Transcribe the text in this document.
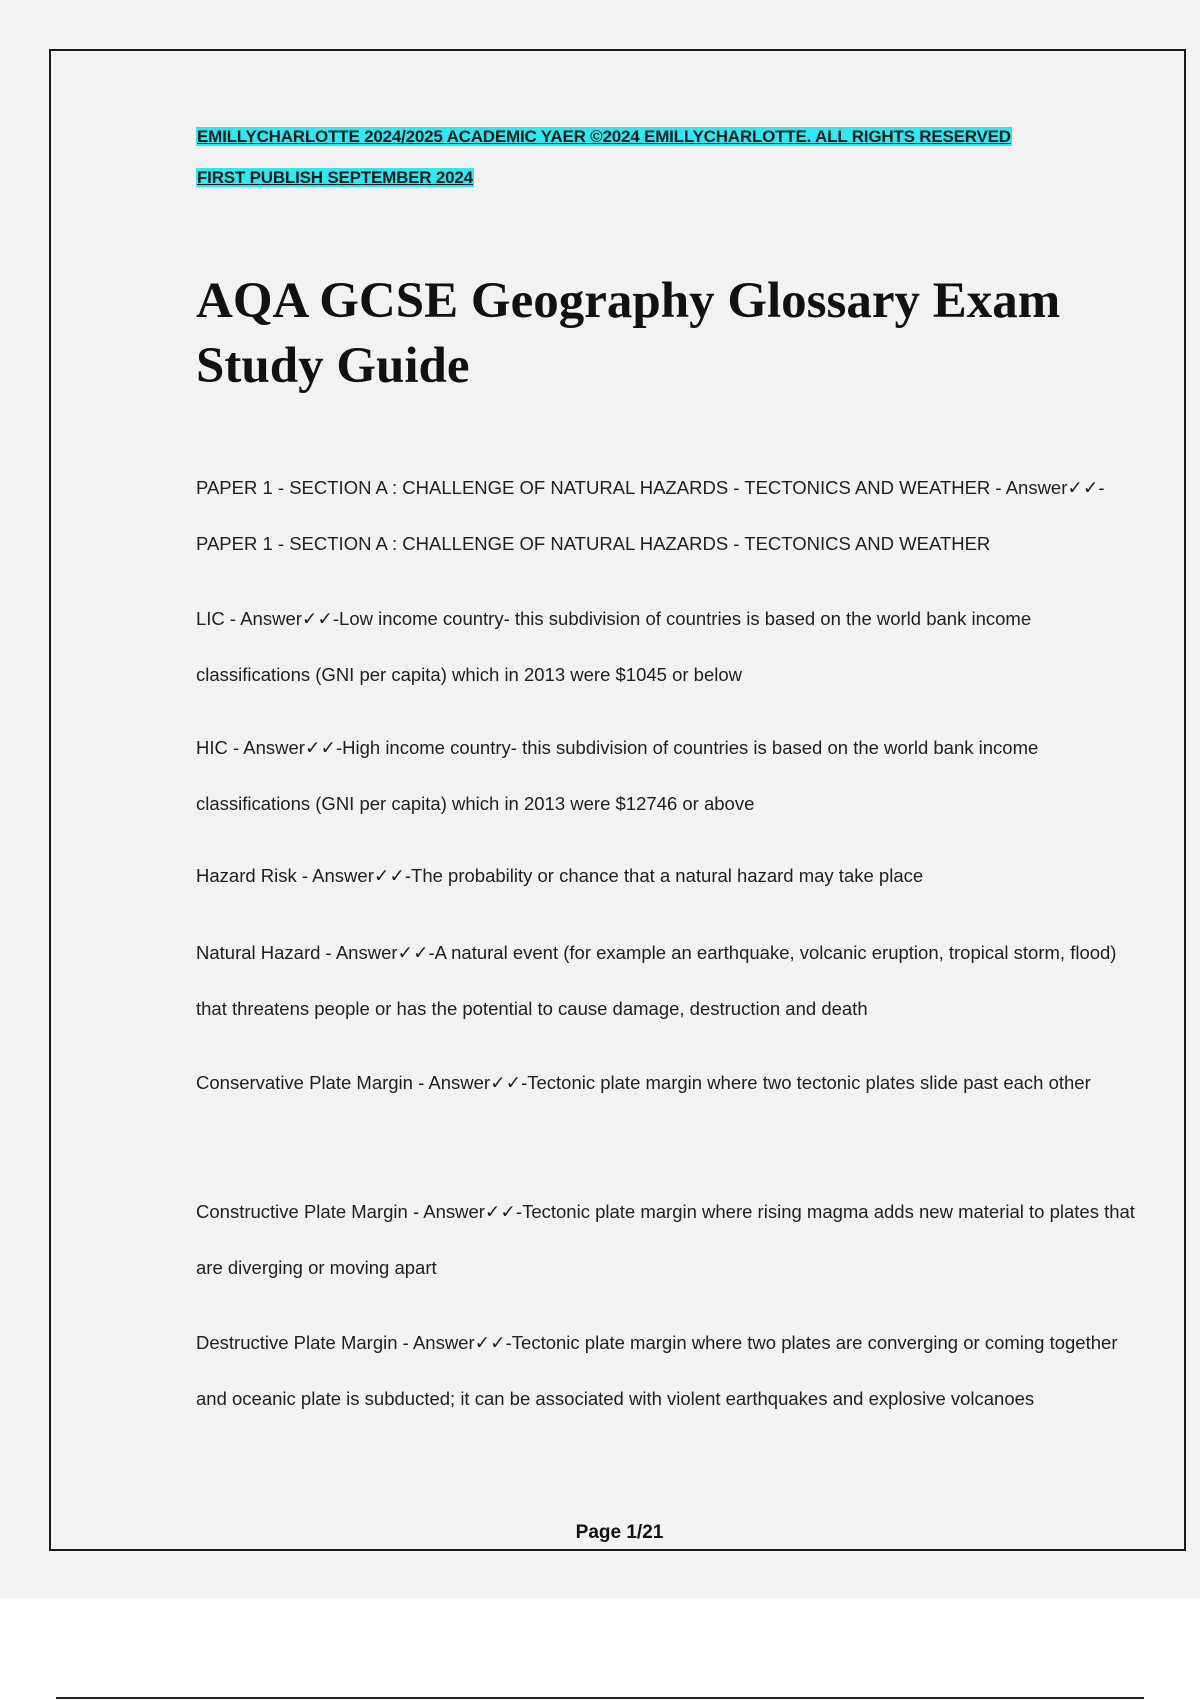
EMILLYCHARLOTTE 2024/2025 ACADEMIC YAER ©2024 EMILLYCHARLOTTE. ALL RIGHTS RESERVED
FIRST PUBLISH SEPTEMBER 2024
AQA GCSE Geography Glossary Exam Study Guide

PAPER 1 - SECTION A : CHALLENGE OF NATURAL HAZARDS - TECTONICS AND WEATHER - Answer✓✓-PAPER 1 - SECTION A : CHALLENGE OF NATURAL HAZARDS - TECTONICS AND WEATHER

LIC - Answer✓✓-Low income country- this subdivision of countries is based on the world bank income classifications (GNI per capita) which in 2013 were $1045 or below

HIC - Answer✓✓-High income country- this subdivision of countries is based on the world bank income classifications (GNI per capita) which in 2013 were $12746 or above

Hazard Risk - Answer✓✓-The probability or chance that a natural hazard may take place

Natural Hazard - Answer✓✓-A natural event (for example an earthquake, volcanic eruption, tropical storm, flood) that threatens people or has the potential to cause damage, destruction and death

Conservative Plate Margin - Answer✓✓-Tectonic plate margin where two tectonic plates slide past each other

Constructive Plate Margin - Answer✓✓-Tectonic plate margin where rising magma adds new material to plates that are diverging or moving apart

Destructive Plate Margin - Answer✓✓-Tectonic plate margin where two plates are converging or coming together and oceanic plate is subducted; it can be associated with violent earthquakes and explosive volcanoes

Page 1/21
